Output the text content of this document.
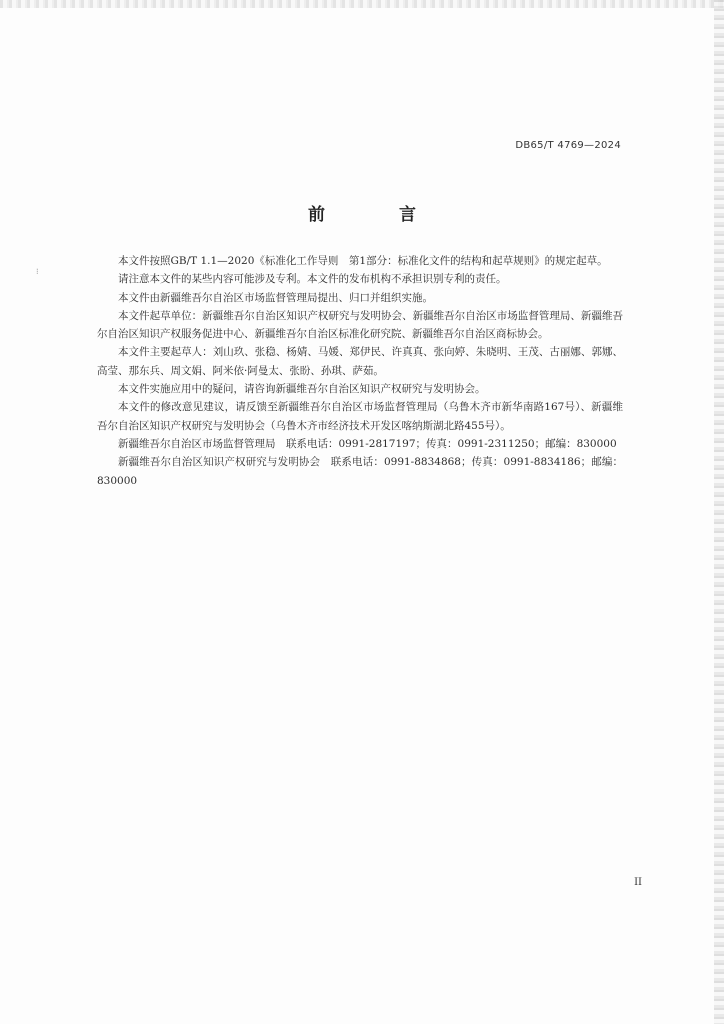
DB65/T 4769—2024
前 言
⁝

本文件按照GB/T 1.1—2020《标准化工作导则　第1部分：标准化文件的结构和起草规则》的规定起草。

请注意本文件的某些内容可能涉及专利。本文件的发布机构不承担识别专利的责任。

本文件由新疆维吾尔自治区市场监督管理局提出、归口并组织实施。

本文件起草单位：新疆维吾尔自治区知识产权研究与发明协会、新疆维吾尔自治区市场监督管理局、新疆维吾尔自治区知识产权服务促进中心、新疆维吾尔自治区标准化研究院、新疆维吾尔自治区商标协会。

本文件主要起草人：刘山玖、张稳、杨婧、马媛、郑伊民、许真真、张向婷、朱晓明、王茂、古丽娜、郭娜、高莹、那东兵、周文娟、阿米依·阿曼太、张盼、孙琪、萨茹。

本文件实施应用中的疑问，请咨询新疆维吾尔自治区知识产权研究与发明协会。

本文件的修改意见建议，请反馈至新疆维吾尔自治区市场监督管理局（乌鲁木齐市新华南路167号）、新疆维吾尔自治区知识产权研究与发明协会（乌鲁木齐市经济技术开发区喀纳斯湖北路455号）。

新疆维吾尔自治区市场监督管理局　联系电话：0991-2817197；传真：0991-2311250；邮编：830000

新疆维吾尔自治区知识产权研究与发明协会　联系电话：0991-8834868；传真：0991-8834186；邮编：830000

II
